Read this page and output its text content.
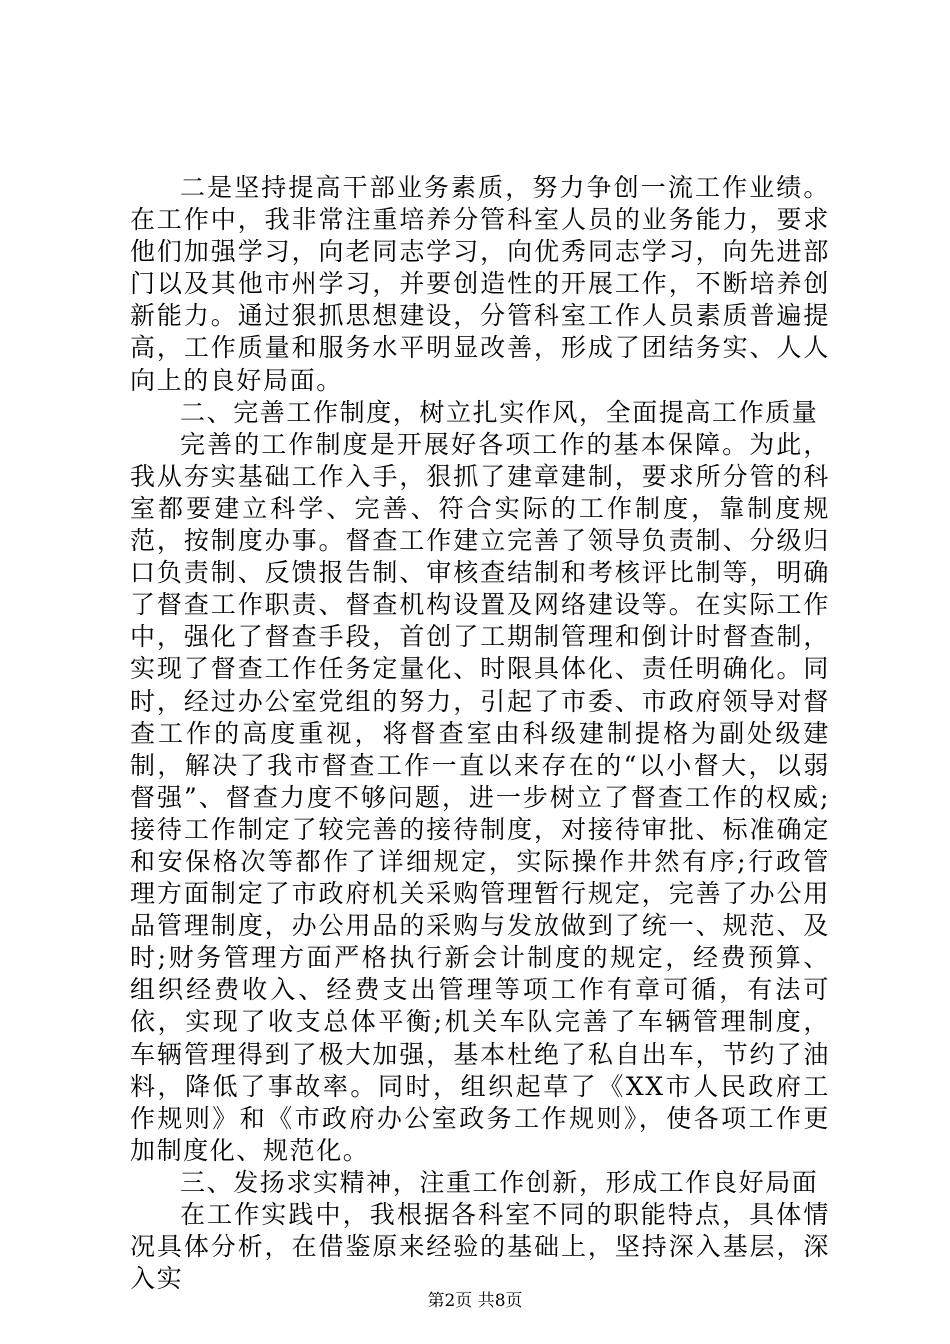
二是坚持提高干部业务素质，努力争创一流工作业绩。在工作中，我非常注重培养分管科室人员的业务能力，要求他们加强学习，向老同志学习，向优秀同志学习，向先进部门以及其他市州学习，并要创造性的开展工作，不断培养创新能力。通过狠抓思想建设，分管科室工作人员素质普遍提高，工作质量和服务水平明显改善，形成了团结务实、人人向上的良好局面。

二、完善工作制度，树立扎实作风，全面提高工作质量

完善的工作制度是开展好各项工作的基本保障。为此，我从夯实基础工作入手，狠抓了建章建制，要求所分管的科室都要建立科学、完善、符合实际的工作制度，靠制度规范，按制度办事。督查工作建立完善了领导负责制、分级归口负责制、反馈报告制、审核查结制和考核评比制等，明确了督查工作职责、督查机构设置及网络建设等。在实际工作中，强化了督查手段，首创了工期制管理和倒计时督查制，实现了督查工作任务定量化、时限具体化、责任明确化。同时，经过办公室党组的努力，引起了市委、市政府领导对督查工作的高度重视，将督查室由科级建制提格为副处级建制，解决了我市督查工作一直以来存在的“以小督大，以弱督强”、督查力度不够问题，进一步树立了督查工作的权威;接待工作制定了较完善的接待制度，对接待审批、标准确定和安保格次等都作了详细规定，实际操作井然有序;行政管理方面制定了市政府机关采购管理暂行规定，完善了办公用品管理制度，办公用品的采购与发放做到了统一、规范、及时;财务管理方面严格执行新会计制度的规定，经费预算、组织经费收入、经费支出管理等项工作有章可循，有法可依，实现了收支总体平衡;机关车队完善了车辆管理制度，车辆管理得到了极大加强，基本杜绝了私自出车，节约了油料，降低了事故率。同时，组织起草了《XX市人民政府工作规则》和《市政府办公室政务工作规则》，使各项工作更加制度化、规范化。

三、发扬求实精神，注重工作创新，形成工作良好局面

在工作实践中，我根据各科室不同的职能特点，具体情况具体分析，在借鉴原来经验的基础上，坚持深入基层，深入实

第2页 共8页
